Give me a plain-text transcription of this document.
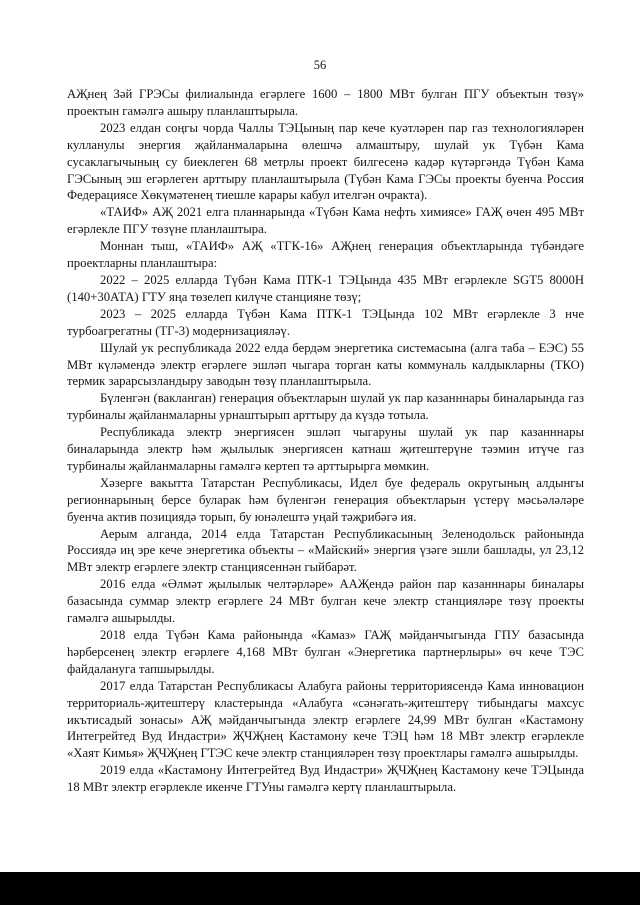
56

АҖнең Зәй ГРЭСы филиалында егәрлеге 1600 – 1800 МВт булган ПГУ объектын төзү» проектын гамәлгә ашыру планлаштырыла.

2023 елдан соңгы чорда Чаллы ТЭЦының пар кече куәтләрен пар газ технологияләрен кулланулы энергия җайланмаларына өлешчә алмаштыру, шулай ук Түбән Кама сусаклагычының су биеклеген 68 метрлы проект билгесенә кадәр күтәргәндә Түбән Кама ГЭСының эш егәрлеген арттыру планлаштырыла (Түбән Кама ГЭСы проекты буенча Россия Федерациясе Хөкүмәтенең тиешле карары кабул ителгән очракта).

«ТАИФ» АҖ 2021 елга планнарында «Түбән Кама нефть химиясе» ГАҖ өчен 495 МВт егәрлекле ПГУ төзүне планлаштыра.

Моннан тыш, «ТАИФ» АҖ «ТГК-16» АҖнең генерация объектларында түбәндәге проектларны планлаштыра:

2022 – 2025 елларда Түбән Кама ПТК-1 ТЭЦында 435 МВт егәрлекле SGT5 8000H (140+30АТА) ГТУ яңа төзелеп килүче станцияне төзү;

2023 – 2025 елларда Түбән Кама ПТК-1 ТЭЦында 102 МВт егәрлекле 3 нче турбоагрегатны (ТГ-3) модернизацияләү.

Шулай ук республикада 2022 елда бердәм энергетика системасына (алга таба – ЕЭС) 55 МВт күләмендә электр егәрлеге эшләп чыгара торган каты коммуналь калдыкларны (ТКО) термик зарарсызландыру заводын төзү планлаштырыла.

Бүленгән (вакланган) генерация объектларын шулай ук пар казанннары биналарында газ турбиналы җайланмаларны урнаштырып арттыру да күздә тотыла.

Республикада электр энергиясен эшләп чыгаруны шулай ук пар казанннары биналарында электр һәм җылылык энергиясен катнаш җитештерүне тәэмин итүче газ турбиналы җайланмаларны гамәлгә кертеп тә арттырырга мөмкин.

Хәзерге вакытта Татарстан Республикасы, Идел буе федераль округының алдынгы регионнарының берсе буларак һәм бүленгән генерация объектларын үстерү мәсьәләләре буенча актив позициядә торып, бу юнәлештә уңай тәҗрибәгә ия.

Аерым алганда, 2014 елда Татарстан Республикасының Зеленодольск районында Россиядә иң эре кече энергетика объекты – «Майский» энергия үзәге эшли башлады, ул 23,12 МВт электр егәрлеге электр станциясеннән гыйбарәт.

2016 елда «Әлмәт җылылык челтәрләре» ААҖендә район пар казанннары биналары базасында суммар электр егәрлеге 24 МВт булган кече электр станцияләре төзү проекты гамәлгә ашырылды.

2018 елда Түбән Кама районында «Камаз» ГАҖ мәйданчыгында ГПУ базасында һәрберсенең электр егәрлеге 4,168 МВт булган «Энергетика партнерлыры» өч кече ТЭС файдалануга тапшырылды.

2017 елда Татарстан Республикасы Алабуга районы территориясендә Кама инновацион территориаль-җитештерү кластерында «Алабуга «сәнәгать-җитештерү тибындагы махсус икътисадый зонасы» АҖ мәйданчыгында электр егәрлеге 24,99 МВт булган «Кастамону Интегрейтед Вуд Индастри» ҖЧҖнең Кастамону кече ТЭЦ һәм 18 МВт электр егәрлекле «Хаят Кимья» ҖЧҖнең ГТЭС кече электр станцияләрен төзү проектлары гамәлгә ашырылды.

2019 елда «Кастамону Интегрейтед Вуд Индастри» ҖЧҖнең Кастамону кече ТЭЦында 18 МВт электр егәрлекле икенче ГТУны гамәлгә кертү планлаштырыла.
